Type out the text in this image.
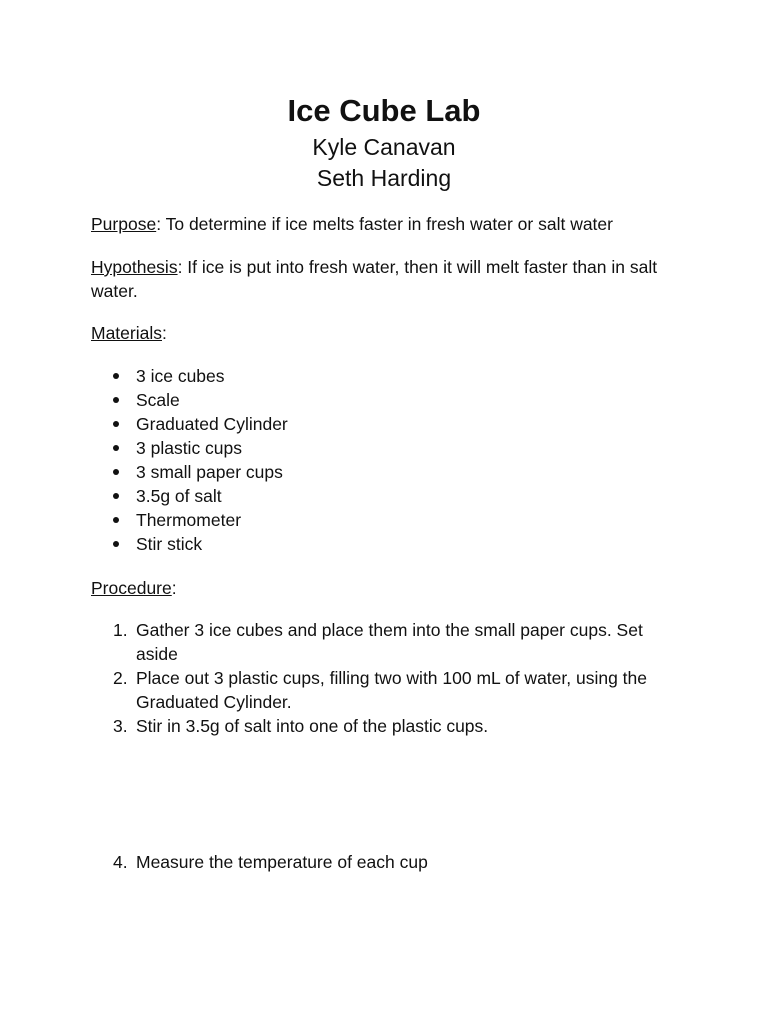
Ice Cube Lab
Kyle Canavan
Seth Harding
Purpose: To determine if ice melts faster in fresh water or salt water
Hypothesis: If ice is put into fresh water, then it will melt faster than in salt water.
Materials:
3 ice cubes
Scale
Graduated Cylinder
3 plastic cups
3 small paper cups
3.5g of salt
Thermometer
Stir stick
Procedure:
1. Gather 3 ice cubes and place them into the small paper cups. Set aside
2. Place out 3 plastic cups, filling two with 100 mL of water, using the Graduated Cylinder.
3. Stir in 3.5g of salt into one of the plastic cups.
4. Measure the temperature of each cup
